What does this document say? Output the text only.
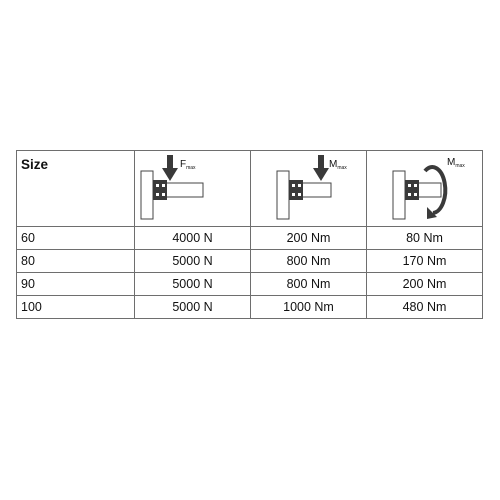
Size	$F_{max}$	$M_{max}$	$M_{max}$

60	4000 N	200 Nm	80 Nm
80	5000 N	800 Nm	170 Nm
90	5000 N	800 Nm	200 Nm
100	5000 N	1000 Nm	480 Nm
